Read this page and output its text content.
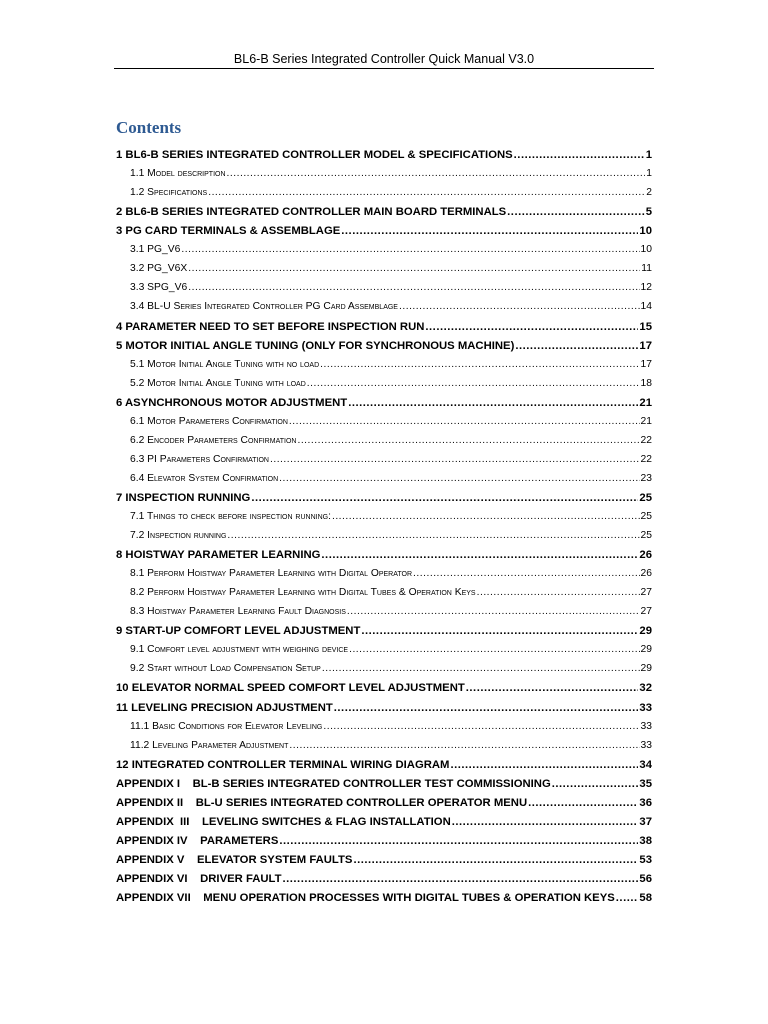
BL6-B Series Integrated Controller Quick Manual V3.0
Contents
1 BL6-B SERIES INTEGRATED CONTROLLER MODEL & SPECIFICATIONS .....	1
1.1 Model description .....	1
1.2 Specifications .....	2
2 BL6-B SERIES INTEGRATED CONTROLLER MAIN BOARD TERMINALS .....	5
3 PG CARD TERMINALS & ASSEMBLAGE .....	10
3.1 PG_V6 .....	10
3.2 PG_V6X .....	11
3.3 SPG_V6 .....	12
3.4 BL-U Series Integrated Controller PG Card Assemblage .....	14
4 PARAMETER NEED TO SET BEFORE INSPECTION RUN .....	15
5 MOTOR INITIAL ANGLE TUNING (ONLY FOR SYNCHRONOUS MACHINE) .....	17
5.1 Motor Initial Angle Tuning with no load .....	17
5.2 Motor Initial Angle Tuning with load .....	18
6 ASYNCHRONOUS MOTOR ADJUSTMENT .....	21
6.1 Motor Parameters Confirmation .....	21
6.2 Encoder Parameters Confirmation .....	22
6.3 PI Parameters Confirmation .....	22
6.4 Elevator System Confirmation .....	23
7 INSPECTION RUNNING .....	25
7.1 Things to check before inspection running: .....	25
7.2 Inspection running .....	25
8 HOISTWAY PARAMETER LEARNING .....	26
8.1 Perform Hoistway Parameter Learning with Digital Operator .....	26
8.2 Perform Hoistway Parameter Learning with Digital Tubes & Operation Keys .....	27
8.3 Hoistway Parameter Learning Fault Diagnosis .....	27
9 START-UP COMFORT LEVEL ADJUSTMENT .....	29
9.1 Comfort level adjustment with weighing device .....	29
9.2 Start without Load Compensation Setup .....	29
10 ELEVATOR NORMAL SPEED COMFORT LEVEL ADJUSTMENT .....	32
11 LEVELING PRECISION ADJUSTMENT .....	33
11.1 Basic Conditions for Elevator Leveling .....	33
11.2 Leveling Parameter Adjustment .....	33
12 INTEGRATED CONTROLLER TERMINAL WIRING DIAGRAM .....	34
APPENDIX I    BL-B SERIES INTEGRATED CONTROLLER TEST COMMISSIONING .....	35
APPENDIX II    BL-U SERIES INTEGRATED CONTROLLER OPERATOR MENU .....	36
APPENDIX  III    LEVELING SWITCHES & FLAG INSTALLATION .....	37
APPENDIX IV    PARAMETERS .....	38
APPENDIX V    ELEVATOR SYSTEM FAULTS .....	53
APPENDIX VI    DRIVER FAULT .....	56
APPENDIX VII    MENU OPERATION PROCESSES WITH DIGITAL TUBES & OPERATION KEYS ..... 58
